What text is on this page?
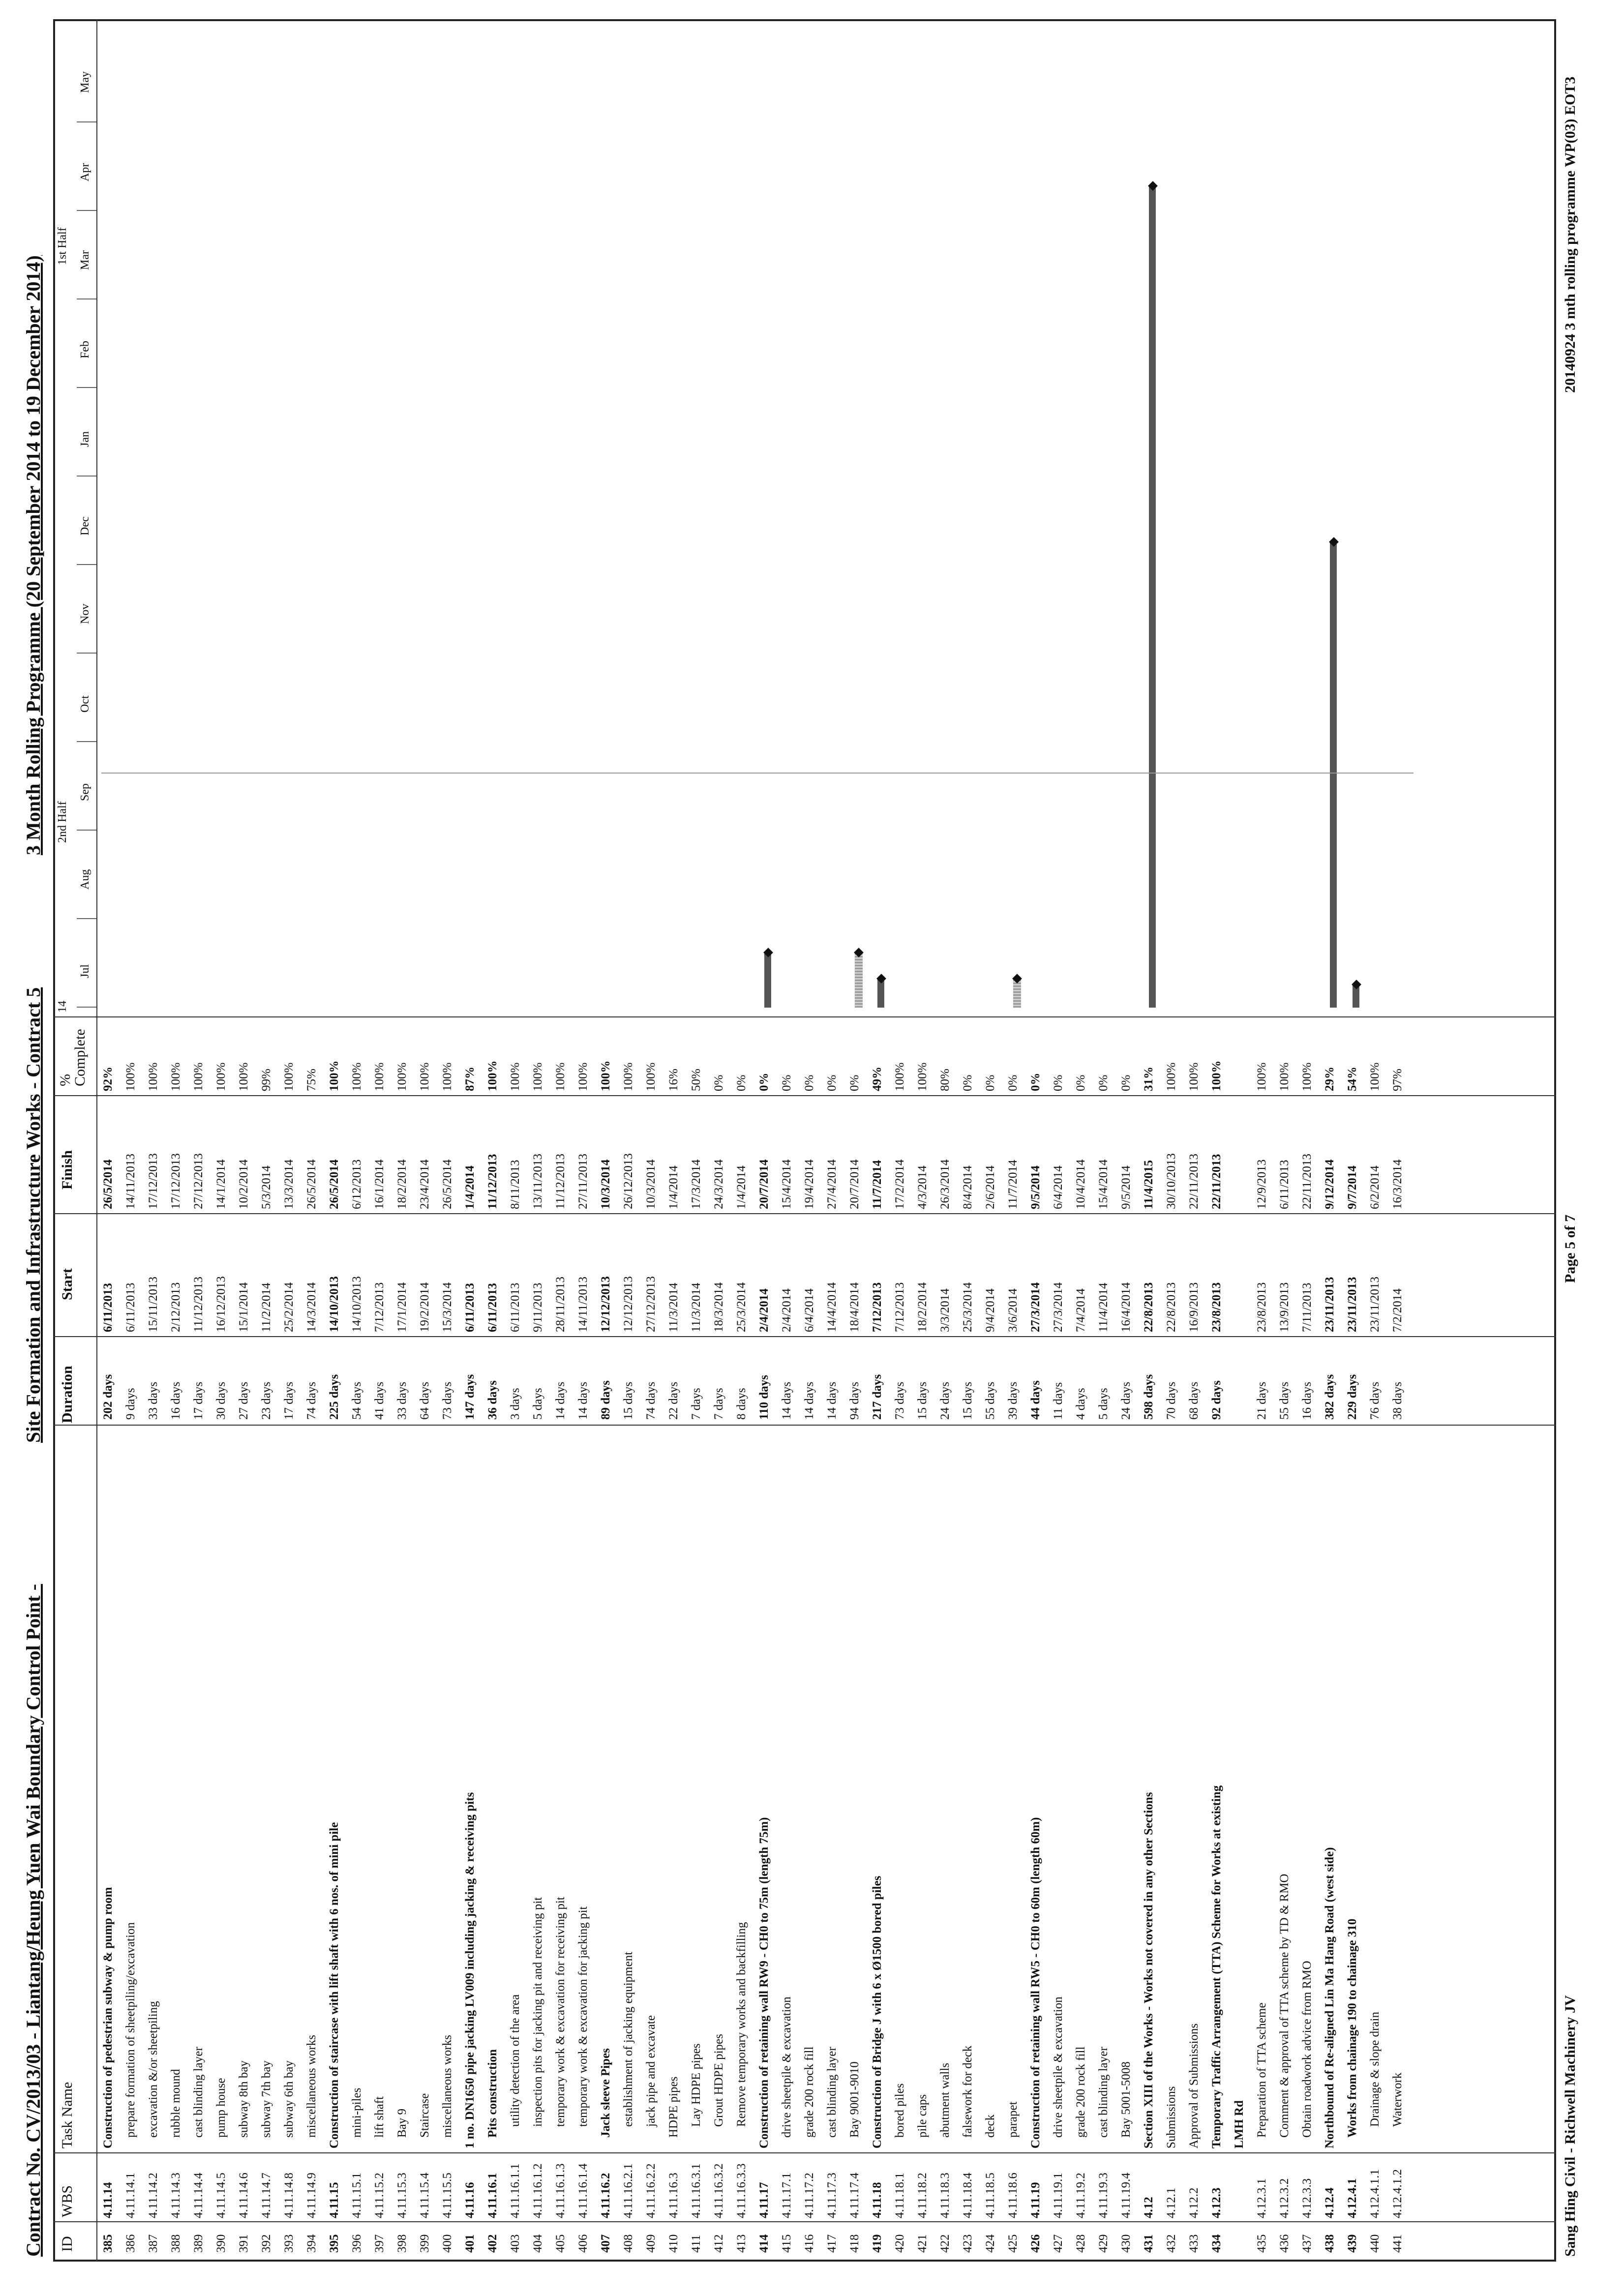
Contract No. CV/2013/03 - Liantang/Heung Yuen Wai Boundary Control Point -
Site Formation and Infrastructure Works - Contract 5
3 Month Rolling Programme (20 September 2014 to 19 December 2014)
ID
WBS
Task Name
Duration
Start
Finish
%
Complete
14
2nd Half
1st Half
Jul
Aug
Sep
Oct
Nov
Dec
Jan
Feb
Mar
Apr
May
385
4.11.14
Construction of pedestrian subway & pump room
202 days
6/11/2013
26/5/2014
92%
386
4.11.14.1
prepare formation of sheetpiling/excavation
9 days
6/11/2013
14/11/2013
100%
387
4.11.14.2
excavation &/or sheetpiling
33 days
15/11/2013
17/12/2013
100%
388
4.11.14.3
rubble mound
16 days
2/12/2013
17/12/2013
100%
389
4.11.14.4
cast blinding layer
17 days
11/12/2013
27/12/2013
100%
390
4.11.14.5
pump house
30 days
16/12/2013
14/1/2014
100%
391
4.11.14.6
subway 8th bay
27 days
15/1/2014
10/2/2014
100%
392
4.11.14.7
subway 7th bay
23 days
11/2/2014
5/3/2014
99%
393
4.11.14.8
subway 6th bay
17 days
25/2/2014
13/3/2014
100%
394
4.11.14.9
miscellaneous works
74 days
14/3/2014
26/5/2014
75%
395
4.11.15
Construction of staircase with lift shaft with 6 nos. of mini pile
225 days
14/10/2013
26/5/2014
100%
396
4.11.15.1
mini-piles
54 days
14/10/2013
6/12/2013
100%
397
4.11.15.2
lift shaft
41 days
7/12/2013
16/1/2014
100%
398
4.11.15.3
Bay 9
33 days
17/1/2014
18/2/2014
100%
399
4.11.15.4
Staircase
64 days
19/2/2014
23/4/2014
100%
400
4.11.15.5
miscellaneous works
73 days
15/3/2014
26/5/2014
100%
401
4.11.16
1 no. DN1650 pipe jacking LV009 including jacking & receiving pits
147 days
6/11/2013
1/4/2014
87%
402
4.11.16.1
Pits construction
36 days
6/11/2013
11/12/2013
100%
403
4.11.16.1.1
utility detection of the area
3 days
6/11/2013
8/11/2013
100%
404
4.11.16.1.2
inspection pits for jacking pit and receiving pit
5 days
9/11/2013
13/11/2013
100%
405
4.11.16.1.3
temporary work & excavation for receiving pit
14 days
28/11/2013
11/12/2013
100%
406
4.11.16.1.4
temporary work & excavation for jacking pit
14 days
14/11/2013
27/11/2013
100%
407
4.11.16.2
Jack sleeve Pipes
89 days
12/12/2013
10/3/2014
100%
408
4.11.16.2.1
establishment of jacking equipment
15 days
12/12/2013
26/12/2013
100%
409
4.11.16.2.2
jack pipe and excavate
74 days
27/12/2013
10/3/2014
100%
410
4.11.16.3
HDPE pipes
22 days
11/3/2014
1/4/2014
16%
411
4.11.16.3.1
Lay HDPE pipes
7 days
11/3/2014
17/3/2014
50%
412
4.11.16.3.2
Grout HDPE pipes
7 days
18/3/2014
24/3/2014
0%
413
4.11.16.3.3
Remove temporary works and backfilling
8 days
25/3/2014
1/4/2014
0%
414
4.11.17
Construction of retaining wall RW9 - CH0 to 75m (length 75m)
110 days
2/4/2014
20/7/2014
0%
415
4.11.17.1
drive sheetpile & excavation
14 days
2/4/2014
15/4/2014
0%
416
4.11.17.2
grade 200 rock fill
14 days
6/4/2014
19/4/2014
0%
417
4.11.17.3
cast blinding layer
14 days
14/4/2014
27/4/2014
0%
418
4.11.17.4
Bay 9001-9010
94 days
18/4/2014
20/7/2014
0%
419
4.11.18
Construction of Bridge J with 6 x Ø1500 bored piles
217 days
7/12/2013
11/7/2014
49%
420
4.11.18.1
bored piles
73 days
7/12/2013
17/2/2014
100%
421
4.11.18.2
pile caps
15 days
18/2/2014
4/3/2014
100%
422
4.11.18.3
abutment walls
24 days
3/3/2014
26/3/2014
80%
423
4.11.18.4
falsework for deck
15 days
25/3/2014
8/4/2014
0%
424
4.11.18.5
deck
55 days
9/4/2014
2/6/2014
0%
425
4.11.18.6
parapet
39 days
3/6/2014
11/7/2014
0%
426
4.11.19
Construction of retaining wall RW5 - CH0 to 60m (length 60m)
44 days
27/3/2014
9/5/2014
0%
427
4.11.19.1
drive sheetpile & excavation
11 days
27/3/2014
6/4/2014
0%
428
4.11.19.2
grade 200 rock fill
4 days
7/4/2014
10/4/2014
0%
429
4.11.19.3
cast blinding layer
5 days
11/4/2014
15/4/2014
0%
430
4.11.19.4
Bay 5001-5008
24 days
16/4/2014
9/5/2014
0%
431
4.12
Section XIII of the Works - Works not covered in any other Sections
598 days
22/8/2013
11/4/2015
31%
432
4.12.1
Submissions
70 days
22/8/2013
30/10/2013
100%
433
4.12.2
Approval of Submissions
68 days
16/9/2013
22/11/2013
100%
434
4.12.3
Temporary Traffic Arrangement (TTA) Scheme for Works at existing
92 days
23/8/2013
22/11/2013
100%
LMH Rd
435
4.12.3.1
Preparation of TTA scheme
21 days
23/8/2013
12/9/2013
100%
436
4.12.3.2
Comment & approval of TTA scheme by TD & RMO
55 days
13/9/2013
6/11/2013
100%
437
4.12.3.3
Obtain roadwork advice from RMO
16 days
7/11/2013
22/11/2013
100%
438
4.12.4
Northbound of Re-aligned Lin Ma Hang Road (west side)
382 days
23/11/2013
9/12/2014
29%
439
4.12.4.1
Works from chainage 190 to chainage 310
229 days
23/11/2013
9/7/2014
54%
440
4.12.4.1.1
Drainage & slope drain
76 days
23/11/2013
6/2/2014
100%
441
4.12.4.1.2
Waterwork
38 days
7/2/2014
16/3/2014
97%
Sang Hing Civil - Richwell Machinery JV
Page 5 of 7
20140924 3 mth rolling programme WP(03) EOT3
